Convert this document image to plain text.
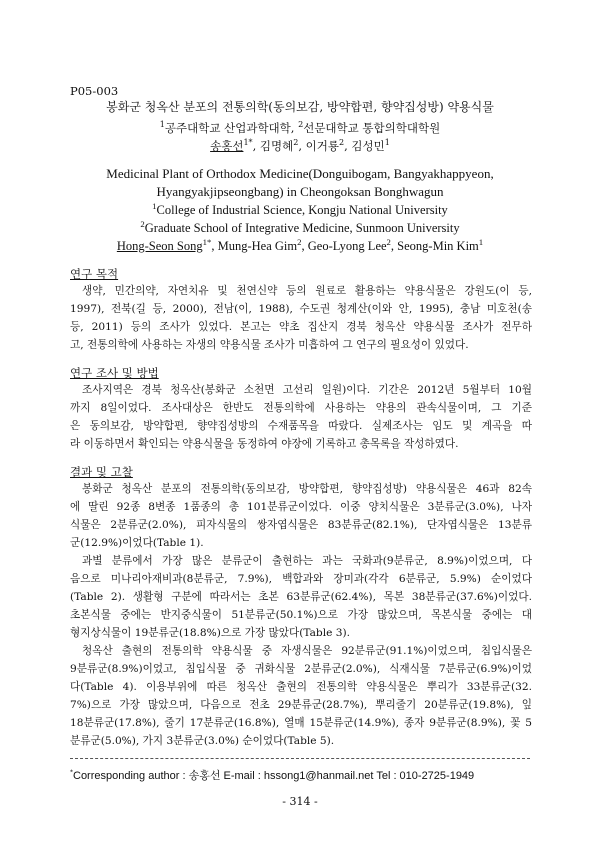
P05-003
봉화군 청옥산 분포의 전통의학(동의보감, 방약합편, 향약집성방) 약용식물
$^1$공주대학교 산업과학대학, $^2$선문대학교 통합의학대학원
송홍선$^{1*}$, 김명혜$^2$, 이거룡$^2$, 김성민$^1$
Medicinal Plant of Orthodox Medicine(Donguibogam, Bangyakhappyeon,
Hyangyakjipseongbang) in Cheongoksan Bonghwagun
$^1$College of Industrial Science, Kongju National University
$^2$Graduate School of Integrative Medicine, Sunmoon University
Hong-Seon Song$^{1*}$, Mung-Hea Gim$^2$, Geo-Lyong Lee$^2$, Seong-Min Kim$^1$
연구 목적
생약, 민간의약, 자연치유 및 천연신약 등의 원료로 활용하는 약용식물은 강원도(이 등,
1997), 전북(길 등, 2000), 전남(이, 1988), 수도권 청계산(이와 안, 1995), 충남 미호천(송
등, 2011) 등의 조사가 있었다. 본고는 약초 집산지 경북 청옥산 약용식물 조사가 전무하
고, 전통의학에 사용하는 자생의 약용식물 조사가 미흡하여 그 연구의 필요성이 있었다.
연구 조사 및 방법
조사지역은 경북 청옥산(봉화군 소천면 고선리 일원)이다. 기간은 2012년 5월부터 10월
까지 8일이었다. 조사대상은 한반도 전통의학에 사용하는 약용의 관속식물이며, 그 기준
은 동의보감, 방약합편, 향약집성방의 수재품목을 따랐다. 실제조사는 임도 및 계곡을 따
라 이동하면서 확인되는 약용식물을 동정하여 야장에 기록하고 총목록을 작성하였다.
결과 및 고찰
봉화군 청옥산 분포의 전통의학(동의보감, 방약합편, 향약집성방) 약용식물은 46과 82속
에 딸린 92종 8변종 1품종의 총 101분류군이었다. 이중 양치식물은 3분류군(3.0%), 나자
식물은 2분류군(2.0%), 피자식물의 쌍자엽식물은 83분류군(82.1%), 단자엽식물은 13분류
군(12.9%)이었다(Table 1).
과별 분류에서 가장 많은 분류군이 출현하는 과는 국화과(9분류군, 8.9%)이었으며, 다
음으로 미나리아재비과(8분류군, 7.9%), 백합과와 장미과(각각 6분류군, 5.9%) 순이었다
(Table 2). 생활형 구분에 따라서는 초본 63분류군(62.4%), 목본 38분류군(37.6%)이었다.
초본식물 중에는 반지중식물이 51분류군(50.1%)으로 가장 많았으며, 목본식물 중에는 대
형지상식물이 19분류군(18.8%)으로 가장 많았다(Table 3).
청옥산 출현의 전통의학 약용식물 중 자생식물은 92분류군(91.1%)이었으며, 침입식물은
9분류군(8.9%)이었고, 침입식물 중 귀화식물 2분류군(2.0%), 식재식물 7분류군(6.9%)이었
다(Table 4). 이용부위에 따른 청옥산 출현의 전통의학 약용식물은 뿌리가 33분류군(32.
7%)으로 가장 많았으며, 다음으로 전초 29분류군(28.7%), 뿌리줄기 20분류군(19.8%), 잎
18분류군(17.8%), 줄기 17분류군(16.8%), 열매 15분류군(14.9%), 종자 9분류군(8.9%), 꽃 5
분류군(5.0%), 가지 3분류군(3.0%) 순이었다(Table 5).
*Corresponding author : 송홍선 E-mail : hssong1@hanmail.net Tel : 010-2725-1949
- 314 -
